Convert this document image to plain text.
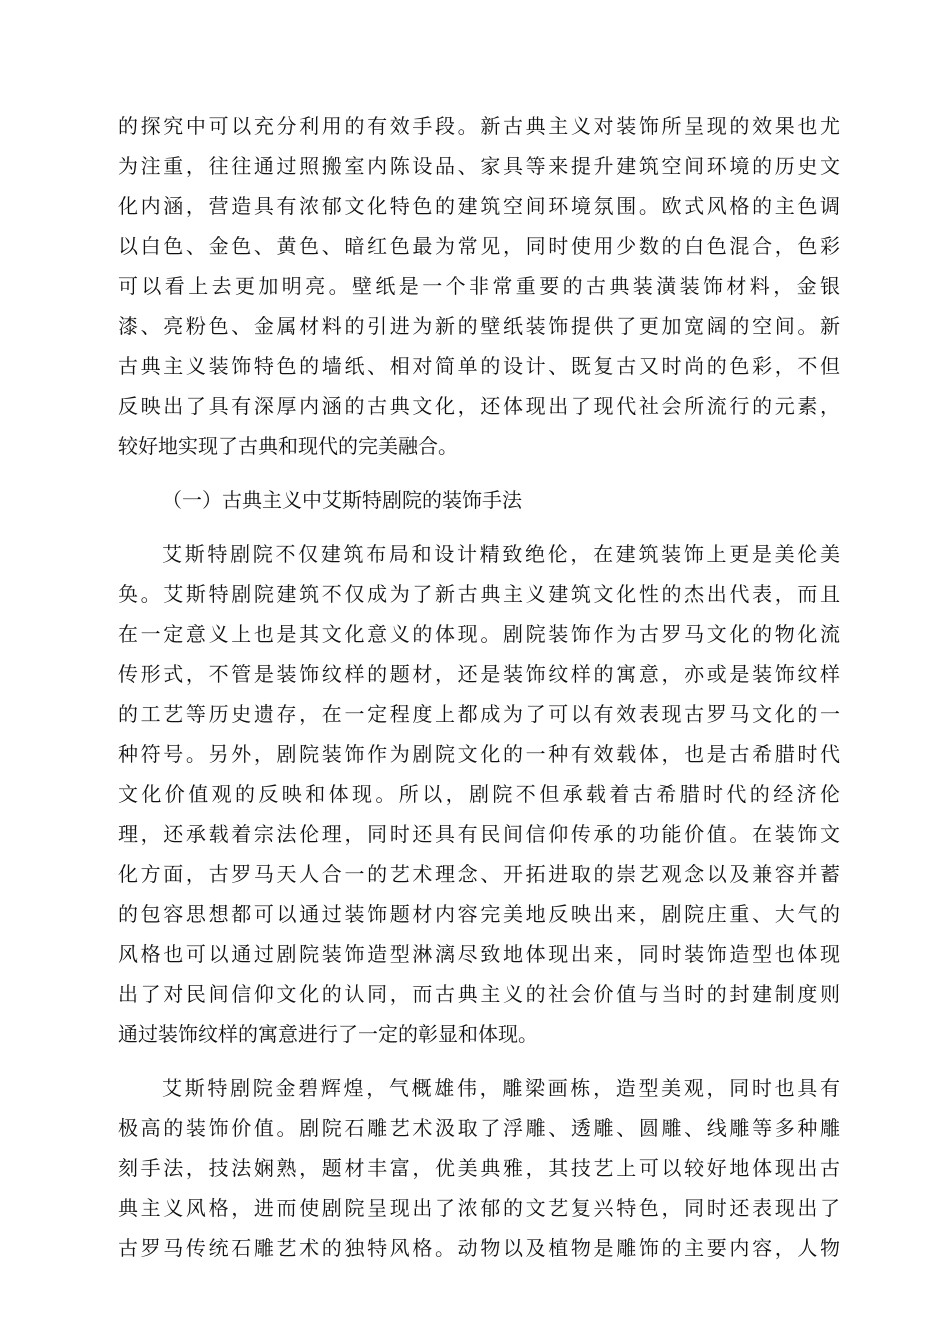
的探究中可以充分利用的有效手段。新古典主义对装饰所呈现的效果也尤
为注重，往往通过照搬室内陈设品、家具等来提升建筑空间环境的历史文
化内涵，营造具有浓郁文化特色的建筑空间环境氛围。欧式风格的主色调
以白色、金色、黄色、暗红色最为常见，同时使用少数的白色混合，色彩
可以看上去更加明亮。壁纸是一个非常重要的古典装潢装饰材料，金银
漆、亮粉色、金属材料的引进为新的壁纸装饰提供了更加宽阔的空间。新
古典主义装饰特色的墙纸、相对简单的设计、既复古又时尚的色彩，不但
反映出了具有深厚内涵的古典文化，还体现出了现代社会所流行的元素，
较好地实现了古典和现代的完美融合。
（一）古典主义中艾斯特剧院的装饰手法
艾斯特剧院不仅建筑布局和设计精致绝伦，在建筑装饰上更是美伦美
奂。艾斯特剧院建筑不仅成为了新古典主义建筑文化性的杰出代表，而且
在一定意义上也是其文化意义的体现。剧院装饰作为古罗马文化的物化流
传形式，不管是装饰纹样的题材，还是装饰纹样的寓意，亦或是装饰纹样
的工艺等历史遗存，在一定程度上都成为了可以有效表现古罗马文化的一
种符号。另外，剧院装饰作为剧院文化的一种有效载体，也是古希腊时代
文化价值观的反映和体现。所以，剧院不但承载着古希腊时代的经济伦
理，还承载着宗法伦理，同时还具有民间信仰传承的功能价值。在装饰文
化方面，古罗马天人合一的艺术理念、开拓进取的崇艺观念以及兼容并蓄
的包容思想都可以通过装饰题材内容完美地反映出来，剧院庄重、大气的
风格也可以通过剧院装饰造型淋漓尽致地体现出来，同时装饰造型也体现
出了对民间信仰文化的认同，而古典主义的社会价值与当时的封建制度则
通过装饰纹样的寓意进行了一定的彰显和体现。
艾斯特剧院金碧辉煌，气概雄伟，雕梁画栋，造型美观，同时也具有
极高的装饰价值。剧院石雕艺术汲取了浮雕、透雕、圆雕、线雕等多种雕
刻手法，技法娴熟，题材丰富，优美典雅，其技艺上可以较好地体现出古
典主义风格，进而使剧院呈现出了浓郁的文艺复兴特色，同时还表现出了
古罗马传统石雕艺术的独特风格。动物以及植物是雕饰的主要内容，人物
